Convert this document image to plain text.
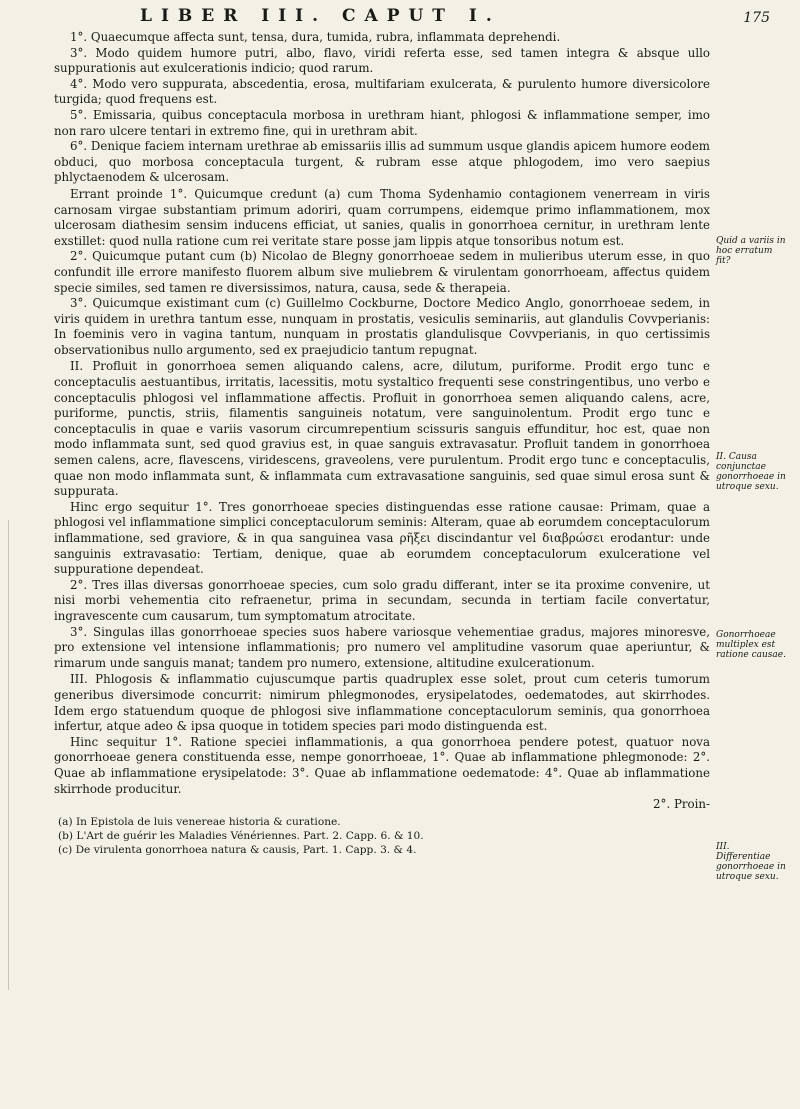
LIBER III. CAPUT I.	175

1°. Quaecumque affecta sunt, tensa, dura, tumida, rubra, inflammata deprehendi.

3°. Modo quidem humore putri, albo, flavo, viridi referta esse, sed tamen integra & absque ullo suppurationis aut exulcerationis indicio; quod rarum.

4°. Modo vero suppurata, abscedentia, erosa, multifariam exulcerata, & purulento humore diversicolore turgida; quod frequens est.

5°. Emissaria, quibus conceptacula morbosa in urethram hiant, phlogosi & inflammatione semper, imo non raro ulcere tentari in extremo fine, qui in urethram abit.

6°. Denique faciem internam urethrae ab emissariis illis ad summum usque glandis apicem humore eodem obduci, quo morbosa conceptacula turgent, & rubram esse atque phlogodem, imo vero saepius phlyctaenodem & ulcerosam.

Errant proinde 1°. Quicumque credunt (a) cum Thoma Sydenhamio contagionem venerream in viris carnosam virgae substantiam primum adoriri, quam corrumpens, eidemque primo inflammationem, mox ulcerosam diathesim sensim inducens efficiat, ut sanies, qualis in gonorrhoea cernitur, in urethram lente exstillet: quod nulla ratione cum rei veritate stare posse jam lippis atque tonsoribus notum est.

2°. Quicumque putant cum (b) Nicolao de Blegny gonorrhoeae sedem in mulieribus uterum esse, in quo confundit ille errore manifesto fluorem album sive muliebrem & virulentam gonorrhoeam, affectus quidem specie similes, sed tamen re diversissimos, natura, causa, sede & therapeia.

3°. Quicumque existimant cum (c) Guillelmo Cockburne, Doctore Medico Anglo, gonorrhoeae sedem, in viris quidem in urethra tantum esse, nunquam in prostatis, vesiculis seminariis, aut glandulis Covvperianis: In foeminis vero in vagina tantum, nunquam in prostatis glandulisque Covvperianis, in quo certissimis observationibus nullo argumento, sed ex praejudicio tantum repugnat.

II. Profluit in gonorrhoea semen aliquando calens, acre, dilutum, puriforme. Prodit ergo tunc e conceptaculis aestuantibus, irritatis, lacessitis, motu systaltico frequenti sese constringentibus, uno verbo e conceptaculis phlogosi vel inflammatione affectis. Profluit in gonorrhoea semen aliquando calens, acre, puriforme, punctis, striis, filamentis sanguineis notatum, vere sanguinolentum. Prodit ergo tunc e conceptaculis in quae e variis vasorum circumrepentium scissuris sanguis effunditur, hoc est, quae non modo inflammata sunt, sed quod gravius est, in quae sanguis extravasatur. Profluit tandem in gonorrhoea semen calens, acre, flavescens, viridescens, graveolens, vere purulentum. Prodit ergo tunc e conceptaculis, quae non modo inflammata sunt, & inflammata cum extravasatione sanguinis, sed quae simul erosa sunt & suppurata.

Hinc ergo sequitur 1°. Tres gonorrhoeae species distinguendas esse ratione causae: Primam, quae a phlogosi vel inflammatione simplici conceptaculorum seminis: Alteram, quae ab eorumdem conceptaculorum inflammatione, sed graviore, & in qua sanguinea vasa ρῆξει discindantur vel διαβρώσει erodantur: unde sanguinis extravasatio: Tertiam, denique, quae ab eorumdem conceptaculorum exulceratione vel suppuratione dependeat.

2°. Tres illas diversas gonorrhoeae species, cum solo gradu differant, inter se ita proxime convenire, ut nisi morbi vehementia cito refraenetur, prima in secundam, secunda in tertiam facile convertatur, ingravescente cum causarum, tum symptomatum atrocitate.

3°. Singulas illas gonorrhoeae species suos habere variosque vehementiae gradus, majores minoresve, pro extensione vel intensione inflammationis; pro numero vel amplitudine vasorum quae aperiuntur, & rimarum unde sanguis manat; tandem pro numero, extensione, altitudine exulcerationum.

III. Phlogosis & inflammatio cujuscumque partis quadruplex esse solet, prout cum ceteris tumorum generibus diversimode concurrit: nimirum phlegmonodes, erysipelatodes, oedematodes, aut skirrhodes. Idem ergo statuendum quoque de phlogosi sive inflammatione conceptaculorum seminis, qua gonorrhoea infertur, atque adeo & ipsa quoque in totidem species pari modo distinguenda est.

Hinc sequitur 1°. Ratione speciei inflammationis, a qua gonorrhoea pendere potest, quatuor nova gonorrhoeae genera constituenda esse, nempe gonorrhoeae, 1°. Quae ab inflammatione phlegmonode: 2°. Quae ab inflammatione erysipelatode: 3°. Quae ab inflammatione oedematode: 4°. Quae ab inflammatione skirrhode producitur.

2°. Proin-

(a) In Epistola de luis venereae historia & curatione.
(b) L'Art de guérir les Maladies Vénériennes. Part. 2. Capp. 6. & 10.
(c) De virulenta gonorrhoea natura & causis, Part. 1. Capp. 3. & 4.
Quid a variis in hoc erratum fit?
II. Causa conjunctae gonorrhoeae in utroque sexu.
Gonorrhoeae multiplex est ratione causae.
III. Differentiae gonorrhoeae in utroque sexu.
